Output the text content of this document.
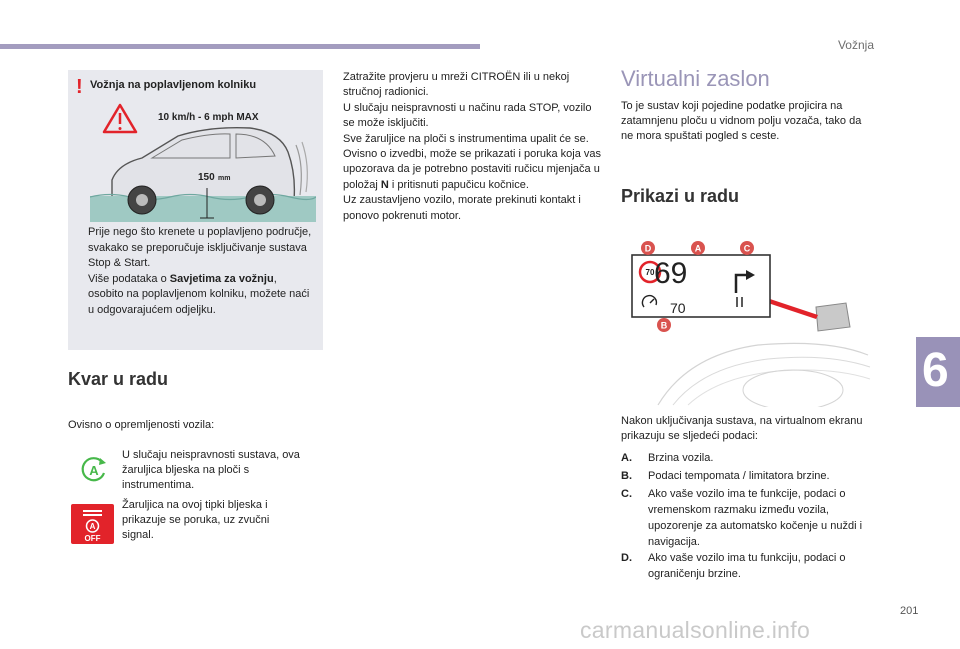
Vožnja
6
! Vožnja na poplavljenom kolniku
10 km/h - 6 mph MAX
150 mm
Prije nego što krenete u poplavljeno područje, svakako se preporučuje isključivanje sustava Stop & Start.
Više podataka o Savjetima za vožnju, osobito na poplavljenom kolniku, možete naći u odgovarajućem odjeljku.
Kvar u radu
Ovisno o opremljenosti vozila:
A
U slučaju neispravnosti sustava, ova žaruljica bljeska na ploči s instrumentima.
A
OFF
Žaruljica na ovoj tipki bljeska i prikazuje se poruka, uz zvučni signal.
Zatražite provjeru u mreži CITROËN ili u nekoj stručnoj radionici.
U slučaju neispravnosti u načinu rada STOP, vozilo se može isključiti.
Sve žaruljice na ploči s instrumentima upalit će se.
Ovisno o izvedbi, može se prikazati i poruka koja vas upozorava da je potrebno postaviti ručicu mjenjača u položaj N i pritisnuti papučicu kočnice.
Uz zaustavljeno vozilo, morate prekinuti kontakt i ponovo pokrenuti motor.
Virtualni zaslon
To je sustav koji pojedine podatke projicira na zatamnjenu ploču u vidnom polju vozača, tako da ne mora spuštati pogled s ceste.
Prikazi u radu
70 69
70
D	A	C
B
Nakon uključivanja sustava, na virtualnom ekranu prikazuju se sljedeći podaci:
A. Brzina vozila.
B. Podaci tempomata / limitatora brzine.
C. Ako vaše vozilo ima te funkcije, podaci o vremenskom razmaku između vozila, upozorenje za automatsko kočenje u nuždi i navigacija.
D. Ako vaše vozilo ima tu funkciju, podaci o ograničenju brzine.
201
carmanualsonline.info
